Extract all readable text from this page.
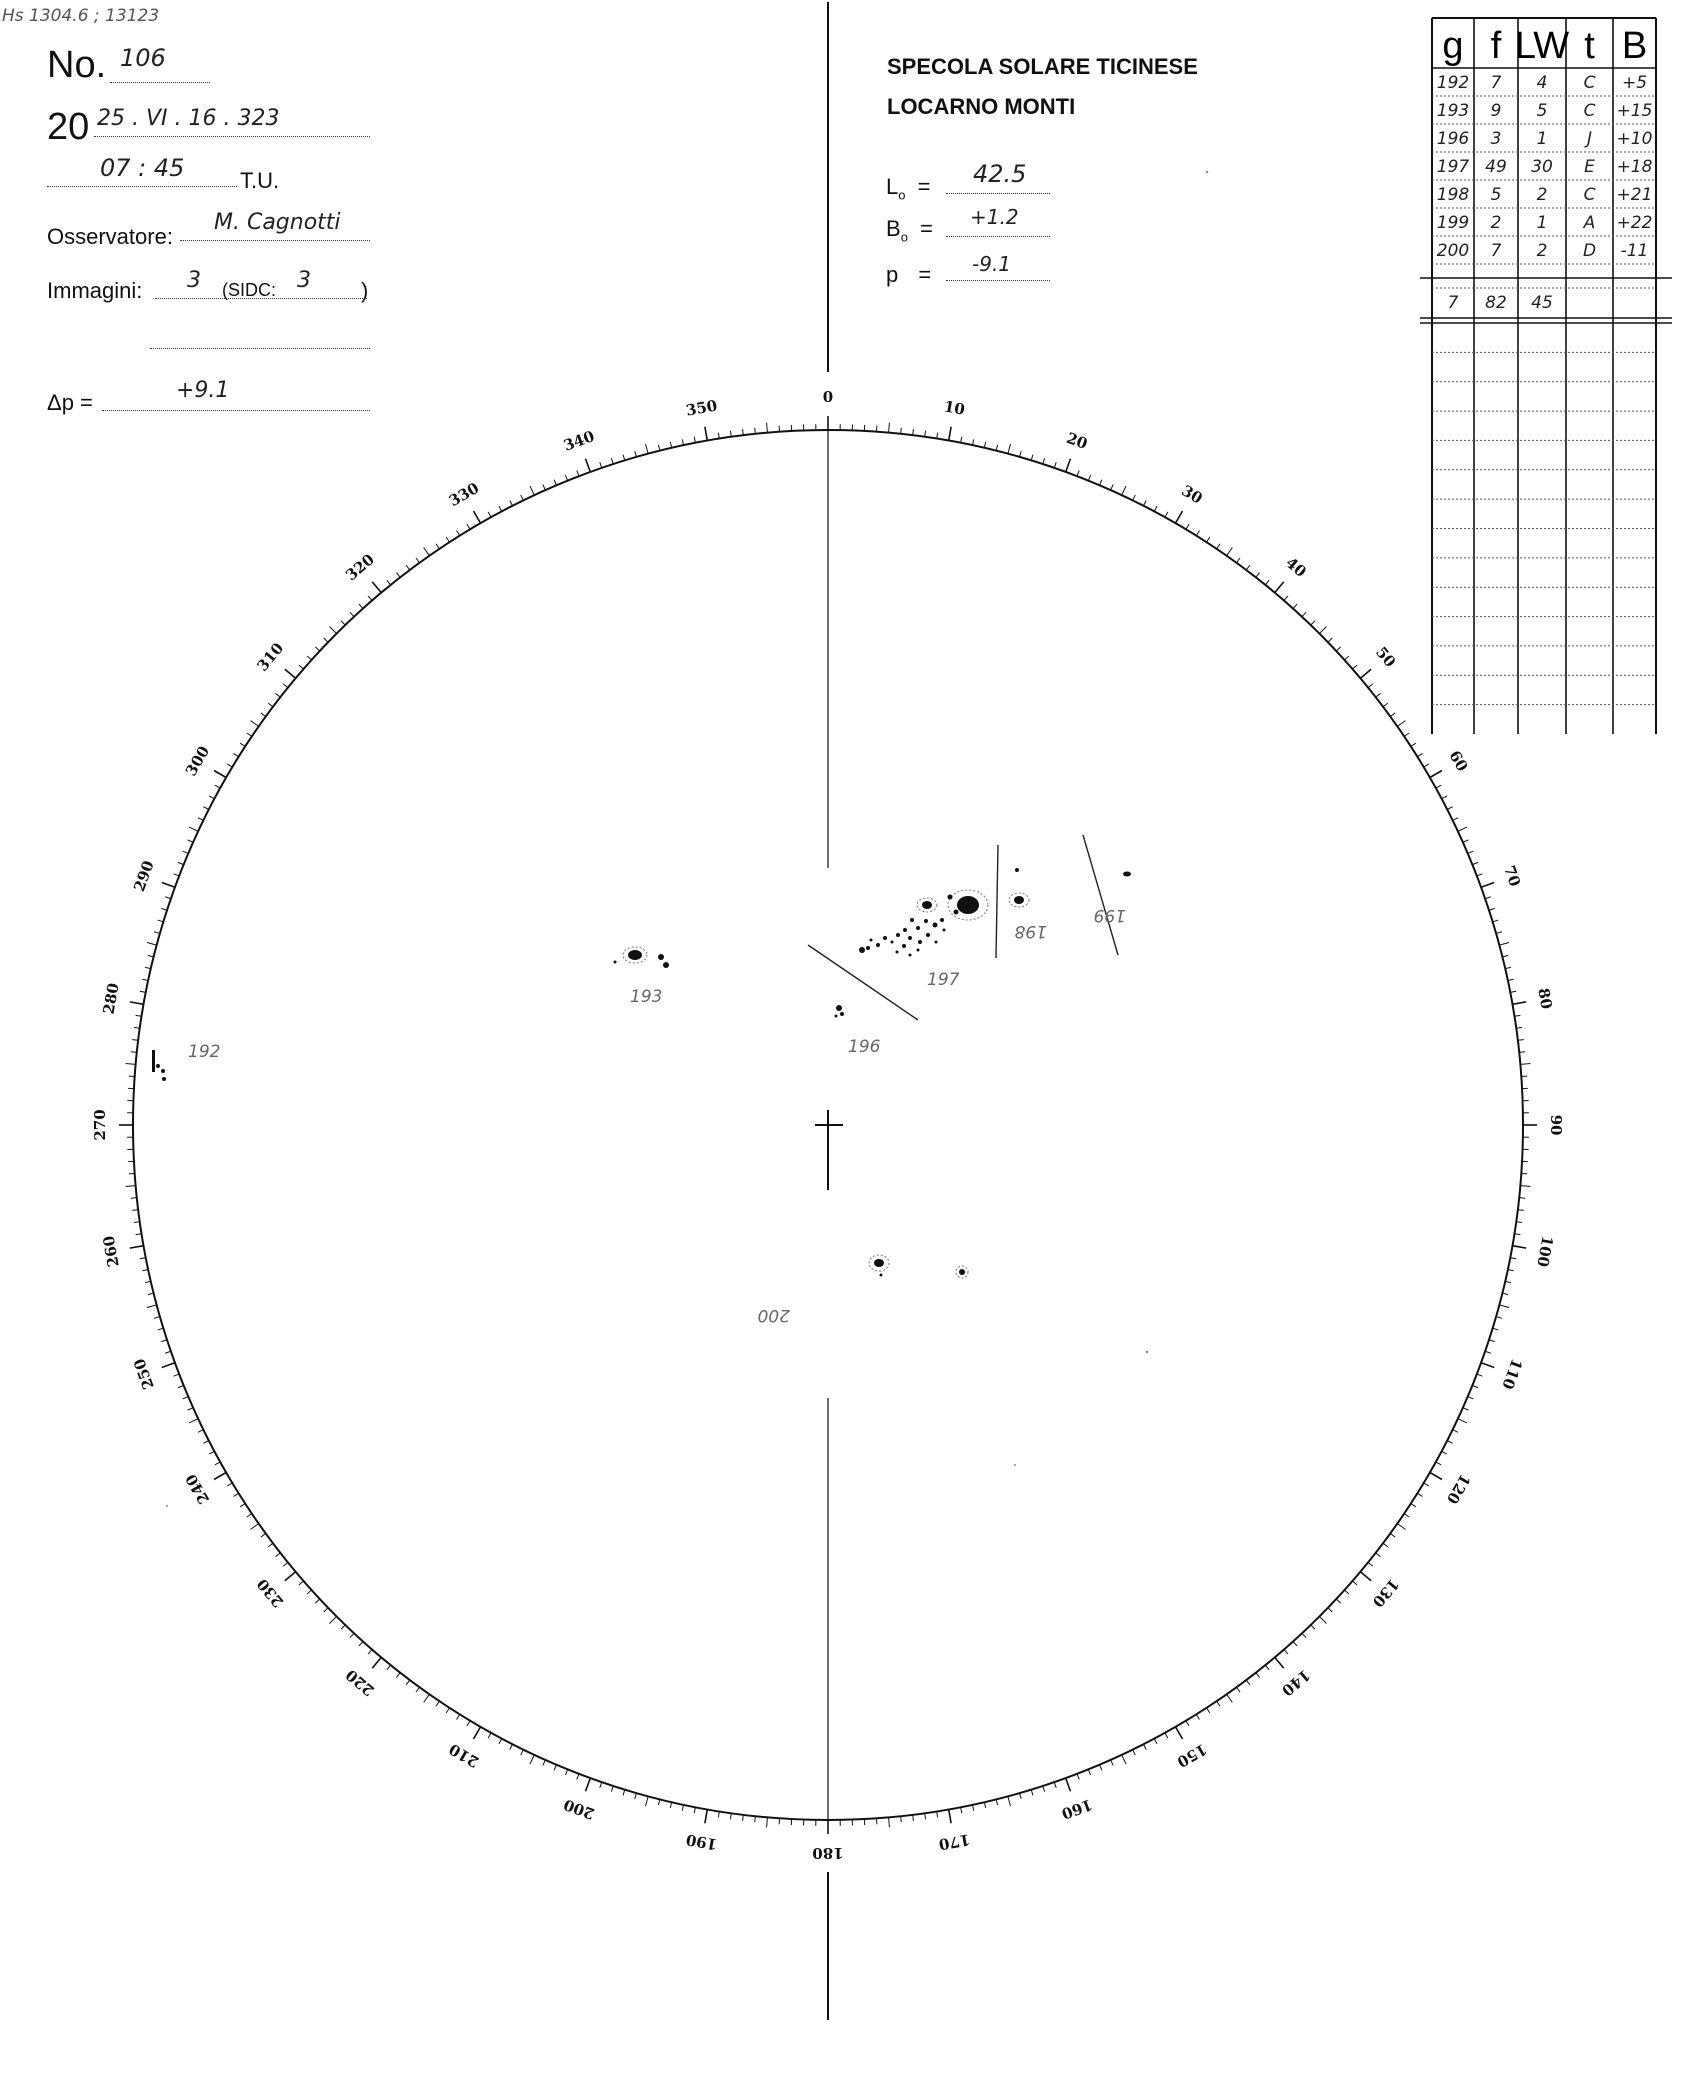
Hs 1304.6 ; 13123
No. 106
20 25 . VI . 16 . 323
07 : 45	T.U.
Osservatore:
M. Cagnotti
Immagini: 3 (SIDC: 3 )
Δp =	+9.1
SPECOLA SOLARE TICINESE
LOCARNO MONTI
$L_o = 42.5$
$B_o = +1.2$
p = -9.1
0
10
20
30
40
50
60
70
80
90
100
110
120
130
140
150
160
170
180
190
200
210
220
230
240
250
260
270
280
290
300
310
320
330
340
350
192
193
196
197
198
199
200
g f LW t B
192 7 4 C +5
193 9 5 C +15
196 3 1 J +10
197 49 30 E +18
198 5 2 C +21
199 2 1 A +22
200 7 2 D -11
7 82 45
